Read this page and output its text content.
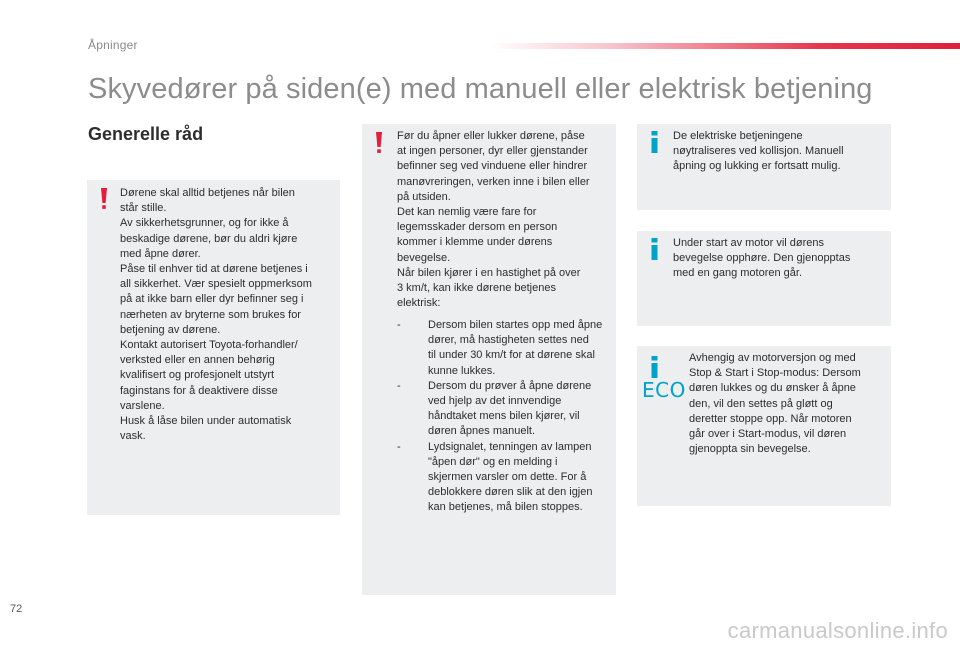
Åpninger
Skyvedører på siden(e) med manuell eller elektrisk betjening
Generelle råd
Dørene skal alltid betjenes når bilen
står stille.
Av sikkerhetsgrunner, og for ikke å
beskadige dørene, bør du aldri kjøre
med åpne dører.
Påse til enhver tid at dørene betjenes i
all sikkerhet. Vær spesielt oppmerksom
på at ikke barn eller dyr befinner seg i
nærheten av bryterne som brukes for
betjening av dørene.
Kontakt autorisert Toyota-forhandler/
verksted eller en annen behørig
kvalifisert og profesjonelt utstyrt
faginstans for å deaktivere disse
varslene.
Husk å låse bilen under automatisk
vask.
Før du åpner eller lukker dørene, påse
at ingen personer, dyr eller gjenstander
befinner seg ved vinduene eller hindrer
manøvreringen, verken inne i bilen eller
på utsiden.
Det kan nemlig være fare for
legemsskader dersom en person
kommer i klemme under dørens
bevegelse.
Når bilen kjører i en hastighet på over
3 km/t, kan ikke dørene betjenes
elektrisk:
- Dersom bilen startes opp med åpne
dører, må hastigheten settes ned
til under 30 km/t for at dørene skal
kunne lukkes.
- Dersom du prøver å åpne dørene
ved hjelp av det innvendige
håndtaket mens bilen kjører, vil
døren åpnes manuelt.
- Lydsignalet, tenningen av lampen
"åpen dør" og en melding i
skjermen varsler om dette. For å
deblokkere døren slik at den igjen
kan betjenes, må bilen stoppes.
De elektriske betjeningene
nøytraliseres ved kollisjon. Manuell
åpning og lukking er fortsatt mulig.
Under start av motor vil dørens
bevegelse opphøre. Den gjenopptas
med en gang motoren går.
ECO
Avhengig av motorversjon og med
Stop & Start i Stop-modus: Dersom
døren lukkes og du ønsker å åpne
den, vil den settes på gløtt og
deretter stoppe opp. Når motoren
går over i Start-modus, vil døren
gjenoppta sin bevegelse.
72
carmanualsonline.info
